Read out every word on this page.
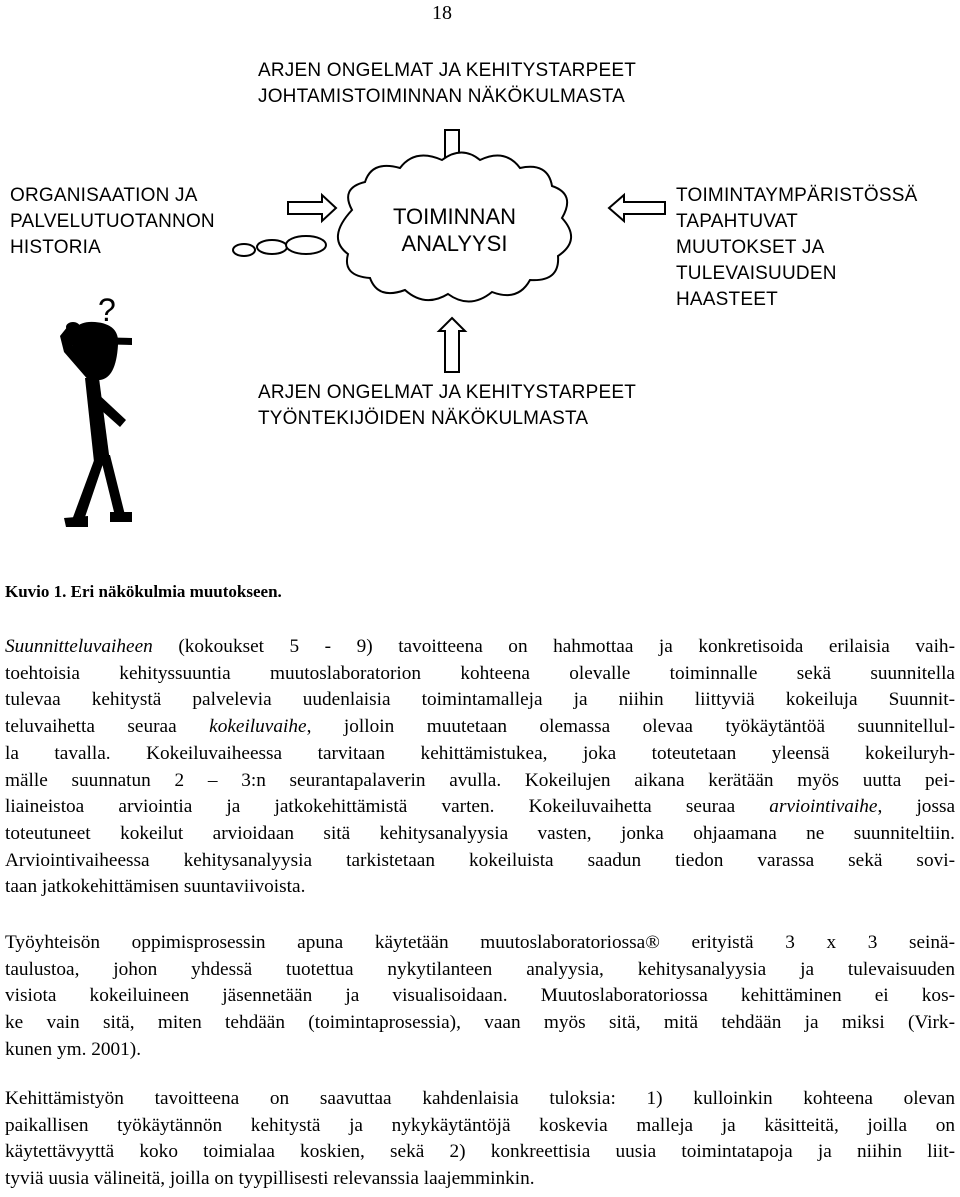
18
?
ARJEN ONGELMAT JA KEHITYSTARPEET
JOHTAMISTOIMINNAN NÄKÖKULMASTA
ORGANISAATION JA
PALVELUTUOTANNON
HISTORIA
TOIMINTAYMPÄRISTÖSSÄ
TAPAHTUVAT
MUUTOKSET JA
TULEVAISUUDEN
HAASTEET
ARJEN ONGELMAT JA KEHITYSTARPEET
TYÖNTEKIJÖIDEN NÄKÖKULMASTA
TOIMINNAN
ANALYYSI
Kuvio 1. Eri näkökulmia muutokseen.
Suunnitteluvaiheen (kokoukset 5 - 9) tavoitteena on hahmottaa ja konkretisoida erilaisia vaih-
toehtoisia kehityssuuntia muutoslaboratorion kohteena olevalle toiminnalle sekä suunnitella
tulevaa kehitystä palvelevia uudenlaisia toimintamalleja ja niihin liittyviä kokeiluja Suunnit-
teluvaihetta seuraa kokeiluvaihe, jolloin muutetaan olemassa olevaa työkäytäntöä suunnitellul-
la tavalla. Kokeiluvaiheessa tarvitaan kehittämistukea, joka toteutetaan yleensä kokeiluryh-
mälle suunnatun 2 – 3:n seurantapalaverin avulla. Kokeilujen aikana kerätään myös uutta pei-
liaineistoa arviointia ja jatkokehittämistä varten. Kokeiluvaihetta seuraa arviointivaihe, jossa
toteutuneet kokeilut arvioidaan sitä kehitysanalyysia vasten, jonka ohjaamana ne suunniteltiin.
Arviointivaiheessa kehitysanalyysia tarkistetaan kokeiluista saadun tiedon varassa sekä sovi-
taan jatkokehittämisen suuntaviivoista.
Työyhteisön oppimisprosessin apuna käytetään muutoslaboratoriossa® erityistä 3 x 3 seinä-
taulustoa, johon yhdessä tuotettua nykytilanteen analyysia, kehitysanalyysia ja tulevaisuuden
visiota kokeiluineen jäsennetään ja visualisoidaan. Muutoslaboratoriossa kehittäminen ei kos-
ke vain sitä, miten tehdään (toimintaprosessia), vaan myös sitä, mitä tehdään ja miksi (Virk-
kunen ym. 2001).
Kehittämistyön tavoitteena on saavuttaa kahdenlaisia tuloksia: 1) kulloinkin kohteena olevan
paikallisen työkäytännön kehitystä ja nykykäytäntöjä koskevia malleja ja käsitteitä, joilla on
käytettävyyttä koko toimialaa koskien, sekä 2) konkreettisia uusia toimintatapoja ja niihin liit-
tyviä uusia välineitä, joilla on tyypillisesti relevanssia laajemminkin.
